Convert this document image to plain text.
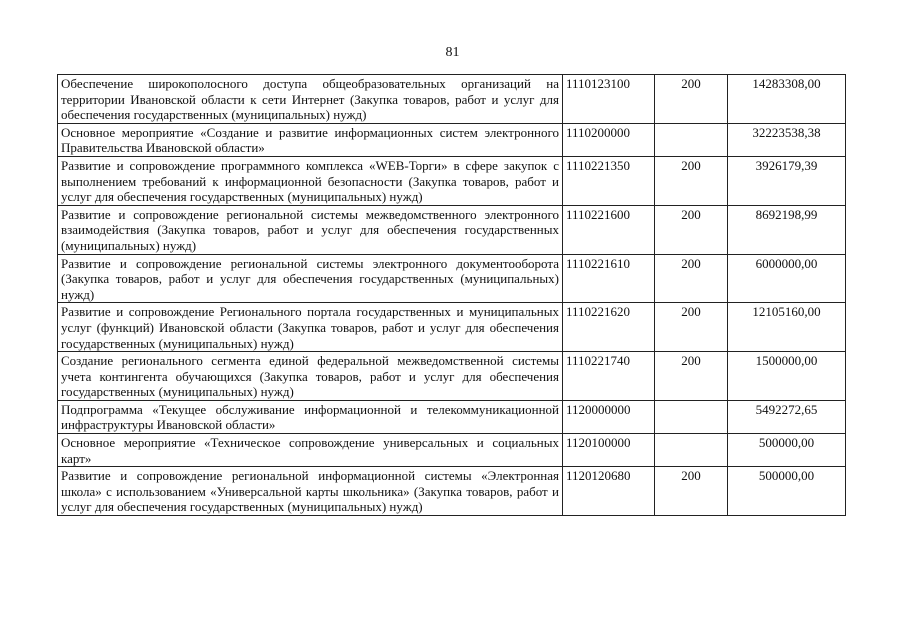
81
Обеспечение широкополосного доступа общеобразовательных организаций на территории Ивановской области к сети Интернет (Закупка товаров, работ и услуг для обеспечения государственных (муниципальных) нужд)	1110123100	200	14283308,00
Основное мероприятие «Создание и развитие информационных систем электронного Правительства Ивановской области»	1110200000		32223538,38
Развитие и сопровождение программного комплекса «WEB-Торги» в сфере закупок с выполнением требований к информационной безопасности (Закупка товаров, работ и услуг для обеспечения государственных (муниципальных) нужд)	1110221350	200	3926179,39
Развитие и сопровождение региональной системы межведомственного электронного взаимодействия (Закупка товаров, работ и услуг для обеспечения государственных (муниципальных) нужд)	1110221600	200	8692198,99
Развитие и сопровождение региональной системы электронного документооборота (Закупка товаров, работ и услуг для обеспечения государственных (муниципальных) нужд)	1110221610	200	6000000,00
Развитие и сопровождение Регионального портала государственных и муниципальных услуг (функций) Ивановской области (Закупка товаров, работ и услуг для обеспечения государственных (муниципальных) нужд)	1110221620	200	12105160,00
Создание регионального сегмента единой федеральной межведомственной системы учета контингента обучающихся (Закупка товаров, работ и услуг для обеспечения государственных (муниципальных) нужд)	1110221740	200	1500000,00
Подпрограмма «Текущее обслуживание информационной и телекоммуникационной инфраструктуры Ивановской области»	1120000000		5492272,65
Основное мероприятие «Техническое сопровождение универсальных и социальных карт»	1120100000		500000,00
Развитие и сопровождение региональной информационной системы «Электронная школа» с использованием «Универсальной карты школьника» (Закупка товаров, работ и услуг для обеспечения государственных (муниципальных) нужд)	1120120680	200	500000,00
